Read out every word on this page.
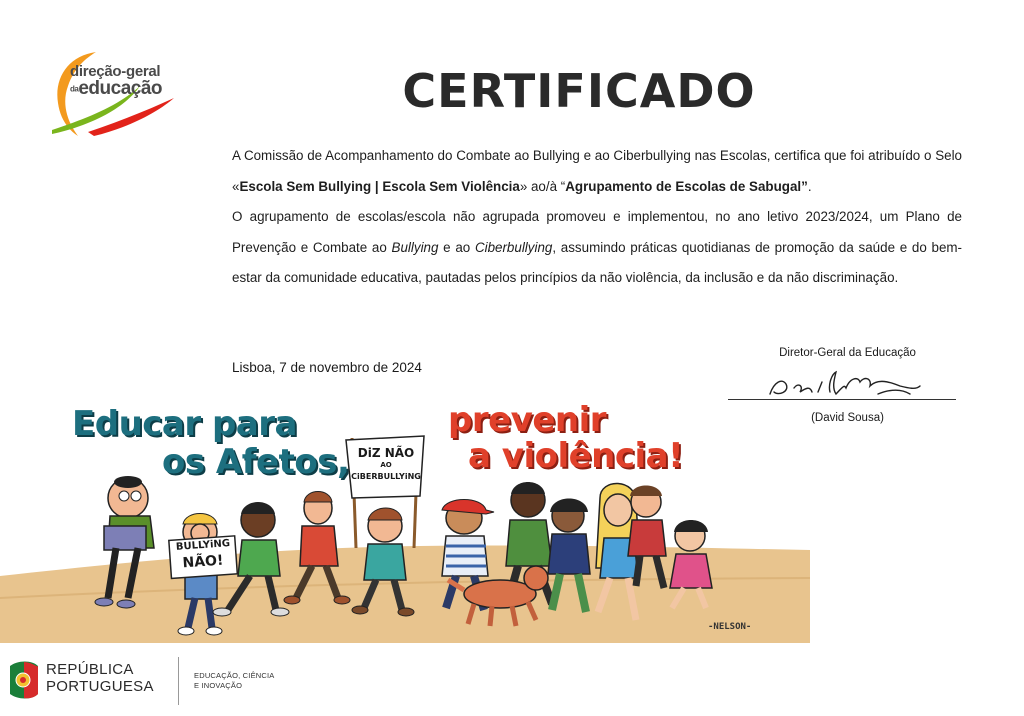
direção-geral
daeducação	CERTIFICADO

A Comissão de Acompanhamento do Combate ao Bullying e ao Ciberbullying nas Escolas, certifica que foi atribuído o Selo «Escola Sem Bullying | Escola Sem Violência» ao/à “Agrupamento de Escolas de Sabugal”.

O agrupamento de escolas/escola não agrupada promoveu e implementou, no ano letivo 2023/2024, um Plano de Prevenção e Combate ao Bullying e ao Ciberbullying, assumindo práticas quotidianas de promoção da saúde e do bem-estar da comunidade educativa, pautadas pelos princípios da não violência, da inclusão e da não discriminação.

Lisboa, 7 de novembro de 2024
Diretor-Geral da Educação
(David Sousa)
Educar para
os Afetos,
prevenir
a violência!
DiZ NÃO
AO
CiBERBULLYiNG
BULLYiNG
NÃO!
-NELSON-
REPÚBLICA
PORTUGUESA
EDUCAÇÃO, CIÊNCIA
E INOVAÇÃO
